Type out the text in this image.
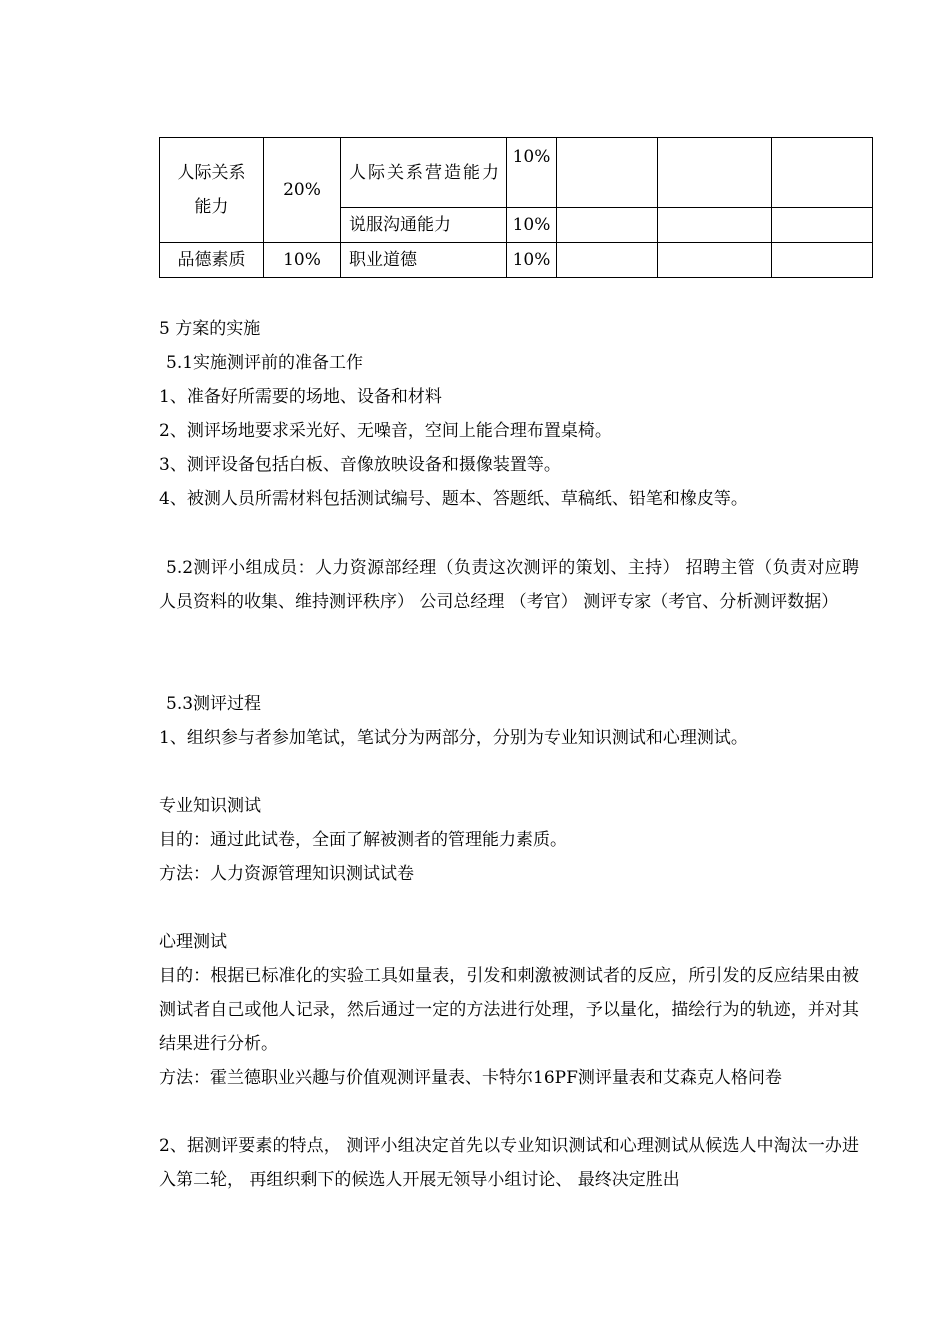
人际关系能力	20%	人际关系营造能力	10%			
		说服沟通能力	10%			
品德素质	10%	职业道德	10%			
5 方案的实施
5.1实施测评前的准备工作
1、准备好所需要的场地、设备和材料
2、测评场地要求采光好、无噪音，空间上能合理布置桌椅。
3、测评设备包括白板、音像放映设备和摄像装置等。
4、被测人员所需材料包括测试编号、题本、答题纸、草稿纸、铅笔和橡皮等。
5.2测评小组成员：人力资源部经理（负责这次测评的策划、主持） 招聘主管（负责对应聘人员资料的收集、维持测评秩序） 公司总经理 （考官） 测评专家（考官、分析测评数据）
5.3测评过程
1、组织参与者参加笔试，笔试分为两部分，分别为专业知识测试和心理测试。
专业知识测试
目的：通过此试卷，全面了解被测者的管理能力素质。
方法：人力资源管理知识测试试卷
心理测试
目的：根据已标准化的实验工具如量表，引发和刺激被测试者的反应，所引发的反应结果由被测试者自己或他人记录，然后通过一定的方法进行处理，予以量化，描绘行为的轨迹，并对其结果进行分析。
方法：霍兰德职业兴趣与价值观测评量表、卡特尔16PF测评量表和艾森克人格问卷
2、据测评要素的特点， 测评小组决定首先以专业知识测试和心理测试从候选人中淘汰一办进入第二轮， 再组织剩下的候选人开展无领导小组讨论、 最终决定胜出
